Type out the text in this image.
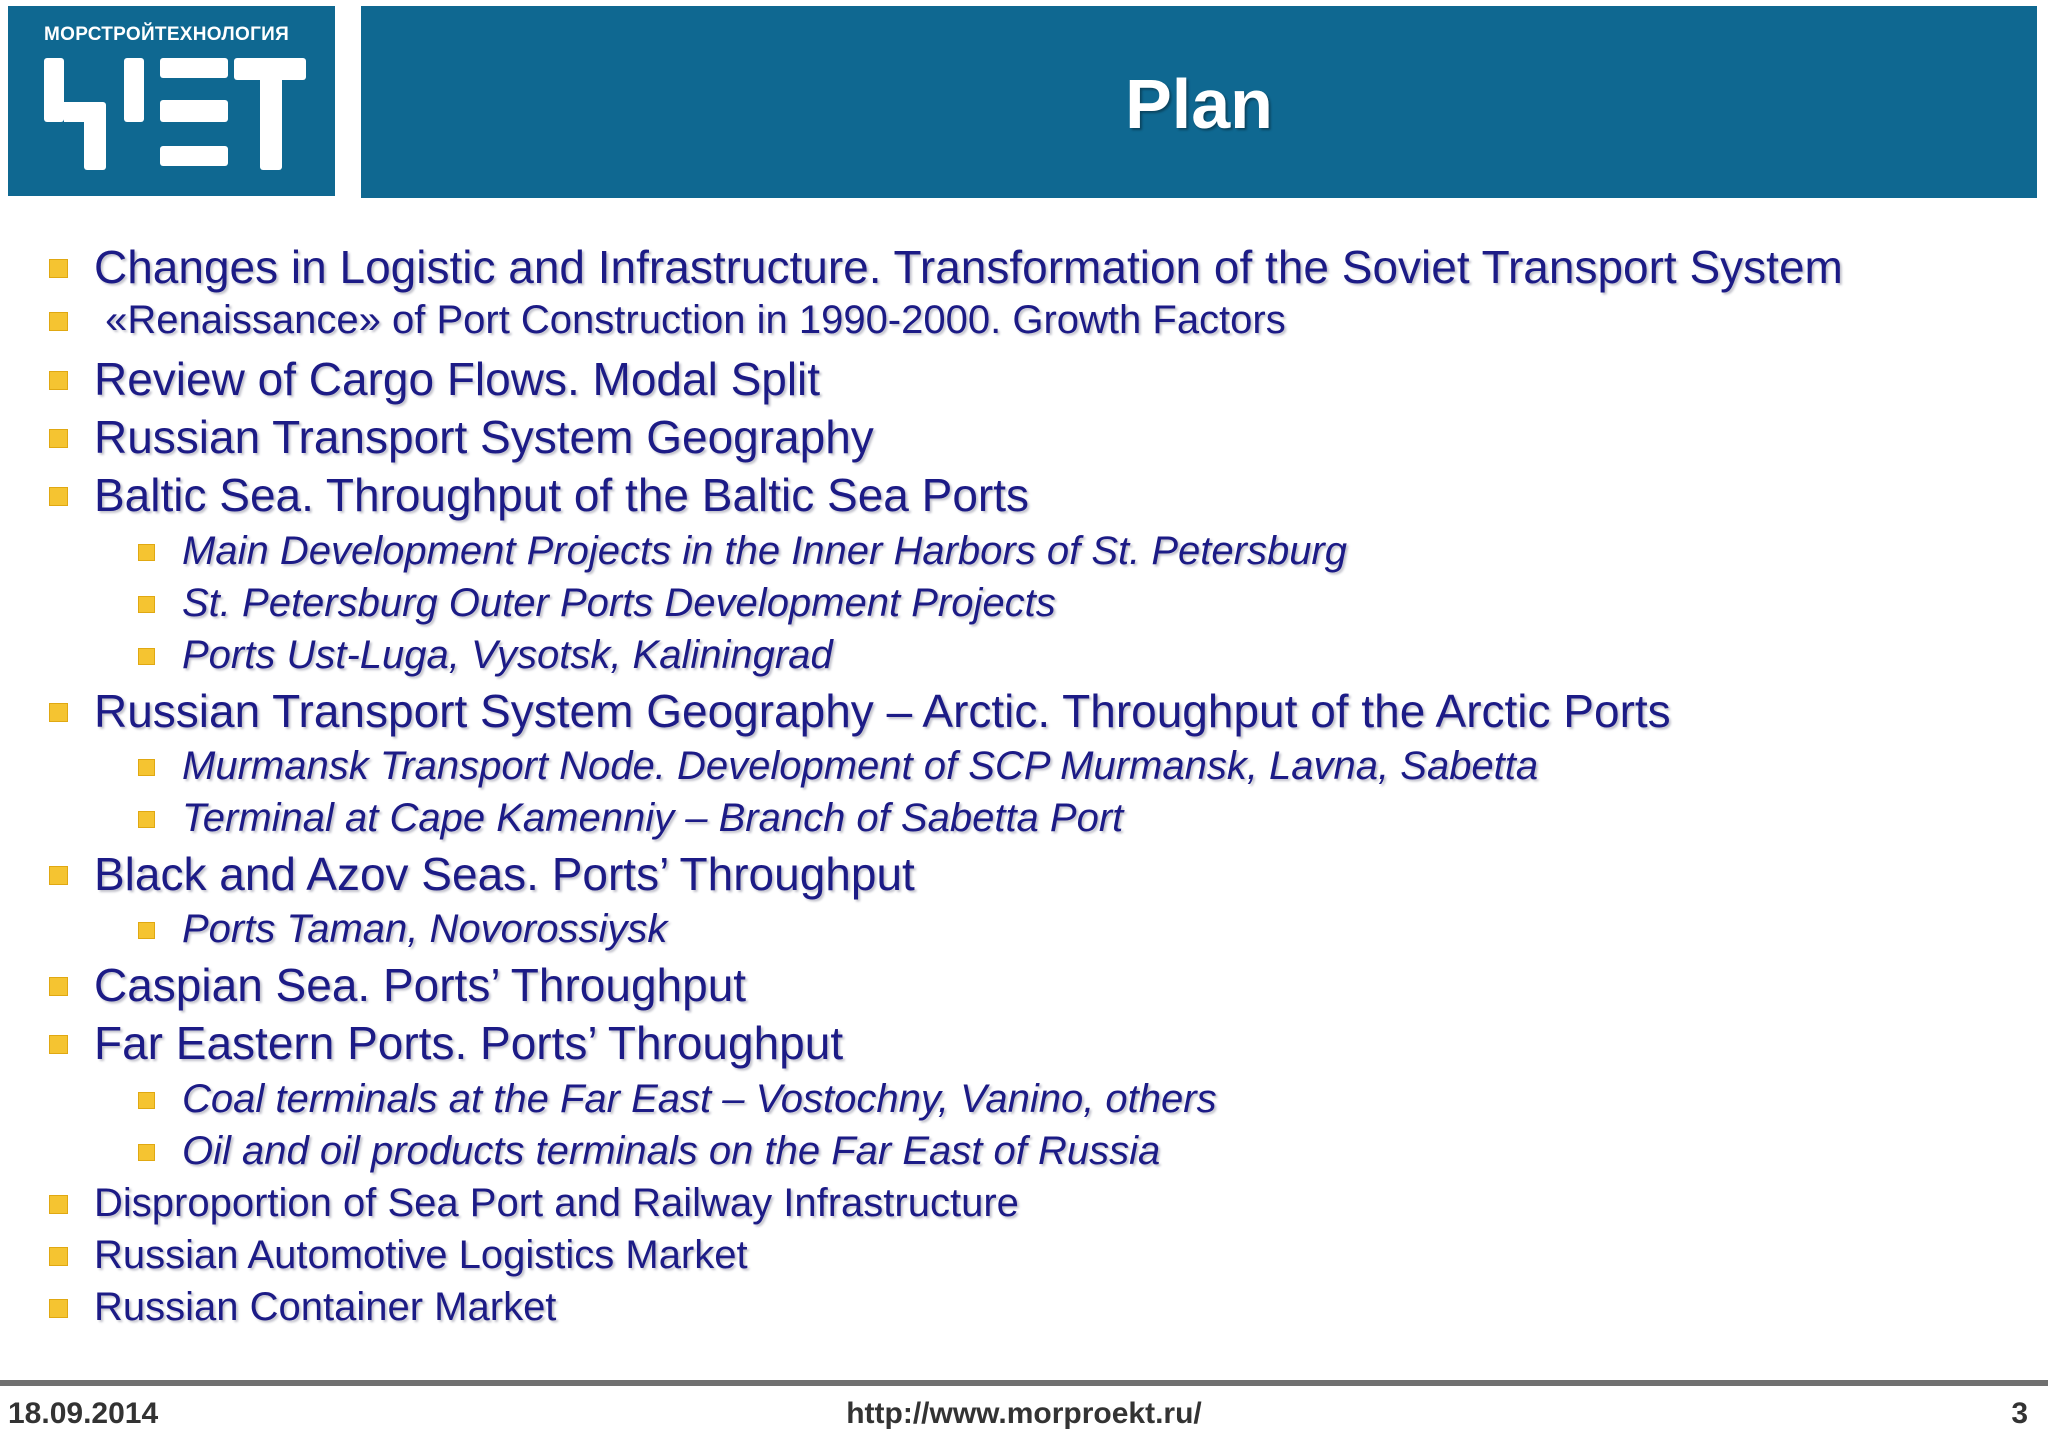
МОРСТРОЙТЕХНОЛОГИЯ
Plan
Changes in Logistic and Infrastructure. Transformation of the Soviet Transport System
«Renaissance» of Port Construction in 1990-2000. Growth Factors
Review of Cargo Flows. Modal Split
Russian Transport System Geography
Baltic Sea. Throughput of the Baltic Sea Ports
Main Development Projects in the Inner Harbors of St. Petersburg
St. Petersburg Outer Ports Development Projects
Ports Ust-Luga, Vysotsk, Kaliningrad
Russian Transport System Geography – Arctic. Throughput of the Arctic Ports
Murmansk Transport Node. Development of SCP Murmansk, Lavna, Sabetta
Terminal at Cape Kamenniy – Branch of Sabetta Port
Black and Azov Seas. Ports’ Throughput
Ports Taman, Novorossiysk
Caspian Sea. Ports’ Throughput
Far Eastern Ports. Ports’ Throughput
Coal terminals at the Far East – Vostochny, Vanino, others
Oil and oil products terminals on the Far East of Russia
Disproportion of Sea Port and Railway Infrastructure
Russian Automotive Logistics Market
Russian Container Market
18.09.2014	http://www.morproekt.ru/	3
